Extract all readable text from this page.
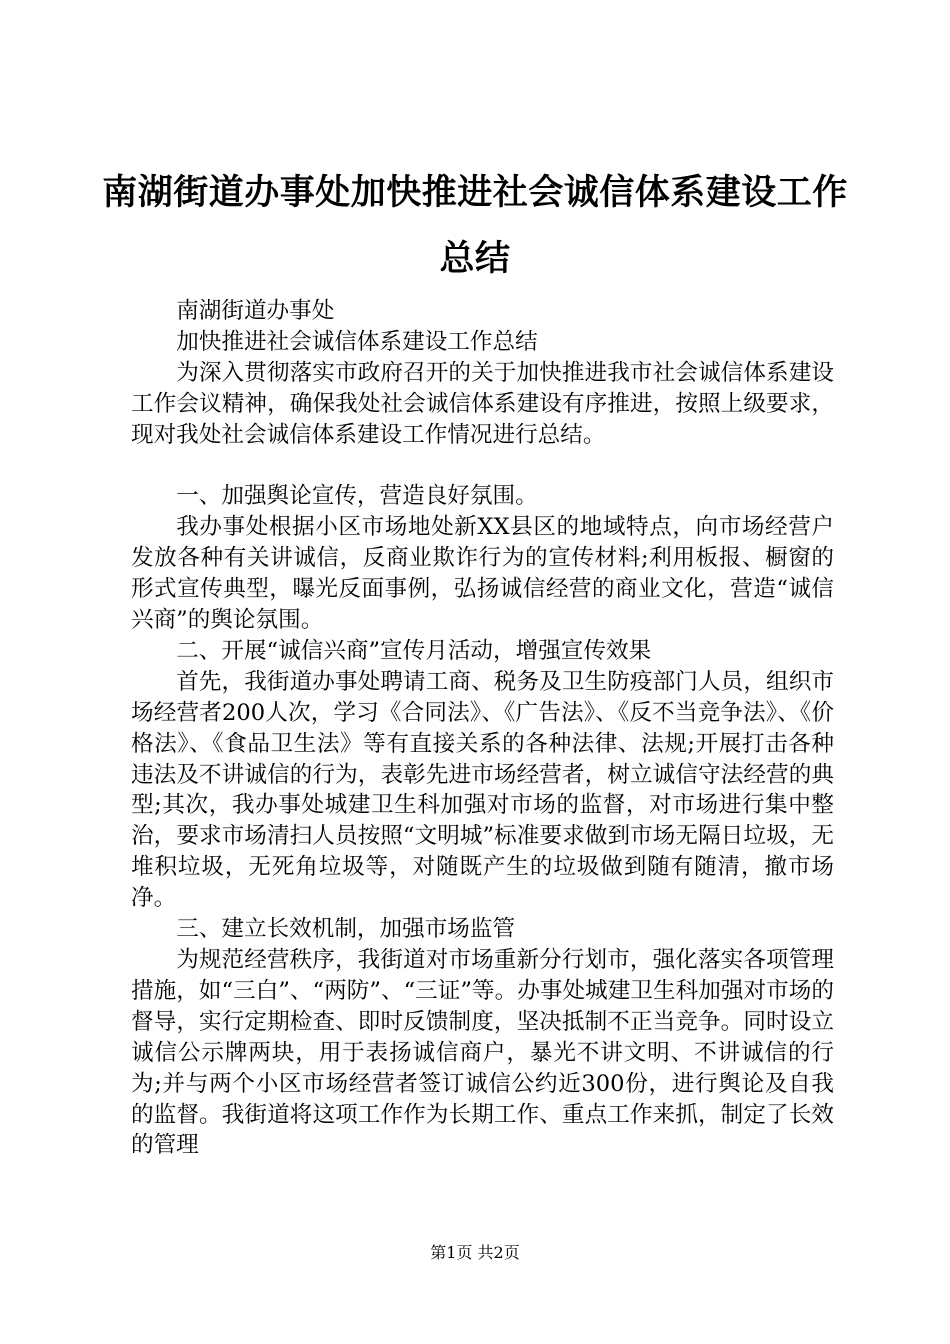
南湖街道办事处加快推进社会诚信体系建设工作总结

南湖街道办事处

加快推进社会诚信体系建设工作总结

为深入贯彻落实市政府召开的关于加快推进我市社会诚信体系建设工作会议精神，确保我处社会诚信体系建设有序推进，按照上级要求，现对我处社会诚信体系建设工作情况进行总结。

一、加强舆论宣传，营造良好氛围。

我办事处根据小区市场地处新XX县区的地域特点，向市场经营户发放各种有关讲诚信，反商业欺诈行为的宣传材料;利用板报、橱窗的形式宣传典型，曝光反面事例，弘扬诚信经营的商业文化，营造“诚信兴商”的舆论氛围。

二、开展“诚信兴商”宣传月活动，增强宣传效果

首先，我街道办事处聘请工商、税务及卫生防疫部门人员，组织市场经营者200人次，学习《合同法》、《广告法》、《反不当竞争法》、《价格法》、《食品卫生法》等有直接关系的各种法律、法规;开展打击各种违法及不讲诚信的行为，表彰先进市场经营者，树立诚信守法经营的典型;其次，我办事处城建卫生科加强对市场的监督，对市场进行集中整治，要求市场清扫人员按照“文明城”标准要求做到市场无隔日垃圾，无堆积垃圾，无死角垃圾等，对随既产生的垃圾做到随有随清，撤市场净。

三、建立长效机制，加强市场监管

为规范经营秩序，我街道对市场重新分行划市，强化落实各项管理措施，如“三白”、“两防”、“三证”等。办事处城建卫生科加强对市场的督导，实行定期检查、即时反馈制度，坚决抵制不正当竞争。同时设立诚信公示牌两块，用于表扬诚信商户，暴光不讲文明、不讲诚信的行为;并与两个小区市场经营者签订诚信公约近300份，进行舆论及自我的监督。我街道将这项工作作为长期工作、重点工作来抓，制定了长效的管理

第1页 共2页
